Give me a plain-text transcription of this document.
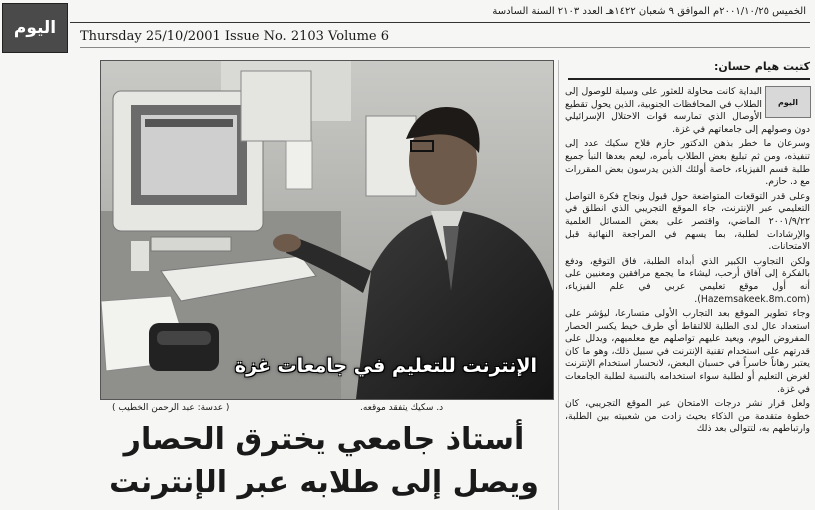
اليوم
الخميس ٢٠٠١/١٠/٢٥م الموافق ٩ شعبان ١٤٢٢هـ العدد ٢١٠٣ السنة السادسة
Thursday 25/10/2001 Issue No. 2103 Volume 6
الإنترنت للتعليم في جامعات غزة
( عدسة: عبد الرحمن الخطيب )	د. سكيك يتفقد موقعه.
أستاذ جامعي يخترق الحصار
ويصل إلى طلابه عبر الإنترنت
كتبت هيام حسان:

البداية كانت محاولة للعثور على وسيلة للوصول إلى الطلاب في المحافظات الجنوبية، الذين يحول تقطيع الأوصال الذي تمارسه قوات الاحتلال الإسرائيلي دون وصولهم إلى جامعاتهم في غزة.

وسرعان ما خطر بذهن الدكتور حازم فلاح سكيك عدد إلى تنفيذه، ومن ثم تبليغ بعض الطلاب بأمره، ليعم بعدها النبأ جميع طلبة قسم الفيزياء، خاصة أولئك الذين يدرسون بعض المقررات مع د. حازم.

وعلى قدر التوقعات المتواضعة حول قبول ونجاح فكرة التواصل التعليمي عبر الإنترنت، جاء الموقع التجريبي الذي انطلق في ٢٠٠١/٩/٢٢ الماضي، واقتصر على بعض المسائل العلمية والإرشادات لطلبة، بما يسهم في المراجعة النهائية قبل الامتحانات.

ولكن التجاوب الكبير الذي أبداه الطلبة، فاق التوقع، ودفع بالفكرة إلى آفاق أرحب، ليشاء ما يجمع مرافقين ومعنيين على أنه أول موقع تعليمي عربي في علم الفيزياء، (Hazemsakeek.8m.com).

وجاء تطوير الموقع بعد التجارب الأولى متسارعا، ليؤشر على استعداد عال لدى الطلبة للالتقاط أي طرف خيط يكسر الحصار المفروض اليوم، ويعيد عليهم تواصلهم مع معلميهم، ويدلل على قدرتهم على استخدام تقنية الإنترنت في سبيل ذلك، وهو ما كان يعتبر رهاناً خاسراً في حسبان البعض، لانحسار استخدام الإنترنت لغرض التعليم أو لطلبة سواء استخدامه بالنسبة لطلبة الجامعات في غزة.

ولعل قرار نشر درجات الامتحان عبر الموقع التجريبي، كان خطوة متقدمة من الذكاء بحيث زادت من شعبيته بين الطلبة، وارتباطهم به، لتتوالى بعد ذلك

اليوم
